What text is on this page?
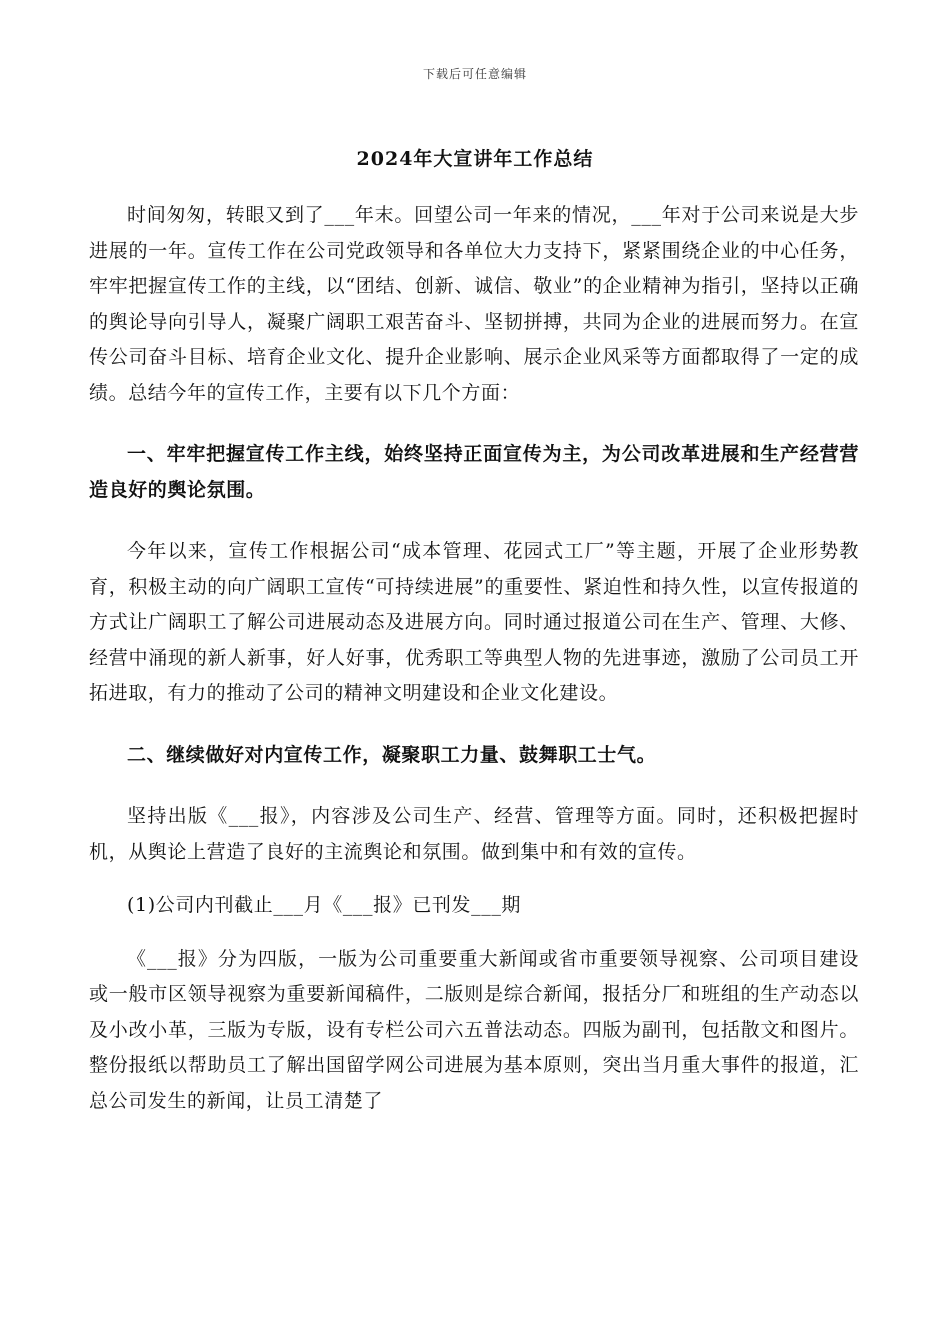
下载后可任意编辑
2024年大宣讲年工作总结

时间匆匆，转眼又到了___年末。回望公司一年来的情况，___年对于公司来说是大步进展的一年。宣传工作在公司党政领导和各单位大力支持下，紧紧围绕企业的中心任务，牢牢把握宣传工作的主线，以“团结、创新、诚信、敬业”的企业精神为指引，坚持以正确的舆论导向引导人，凝聚广阔职工艰苦奋斗、坚韧拼搏，共同为企业的进展而努力。在宣传公司奋斗目标、培育企业文化、提升企业影响、展示企业风采等方面都取得了一定的成绩。总结今年的宣传工作，主要有以下几个方面：

一、牢牢把握宣传工作主线，始终坚持正面宣传为主，为公司改革进展和生产经营营造良好的舆论氛围。

今年以来，宣传工作根据公司“成本管理、花园式工厂”等主题，开展了企业形势教育，积极主动的向广阔职工宣传“可持续进展”的重要性、紧迫性和持久性，以宣传报道的方式让广阔职工了解公司进展动态及进展方向。同时通过报道公司在生产、管理、大修、经营中涌现的新人新事，好人好事，优秀职工等典型人物的先进事迹，激励了公司员工开拓进取，有力的推动了公司的精神文明建设和企业文化建设。

二、继续做好对内宣传工作，凝聚职工力量、鼓舞职工士气。

坚持出版《___报》，内容涉及公司生产、经营、管理等方面。同时，还积极把握时机，从舆论上营造了良好的主流舆论和氛围。做到集中和有效的宣传。

(1)公司内刊截止___月《___报》已刊发___期

《___报》分为四版，一版为公司重要重大新闻或省市重要领导视察、公司项目建设或一般市区领导视察为重要新闻稿件，二版则是综合新闻，报括分厂和班组的生产动态以及小改小革，三版为专版，设有专栏公司六五普法动态。四版为副刊，包括散文和图片。整份报纸以帮助员工了解出国留学网公司进展为基本原则，突出当月重大事件的报道，汇总公司发生的新闻，让员工清楚了
